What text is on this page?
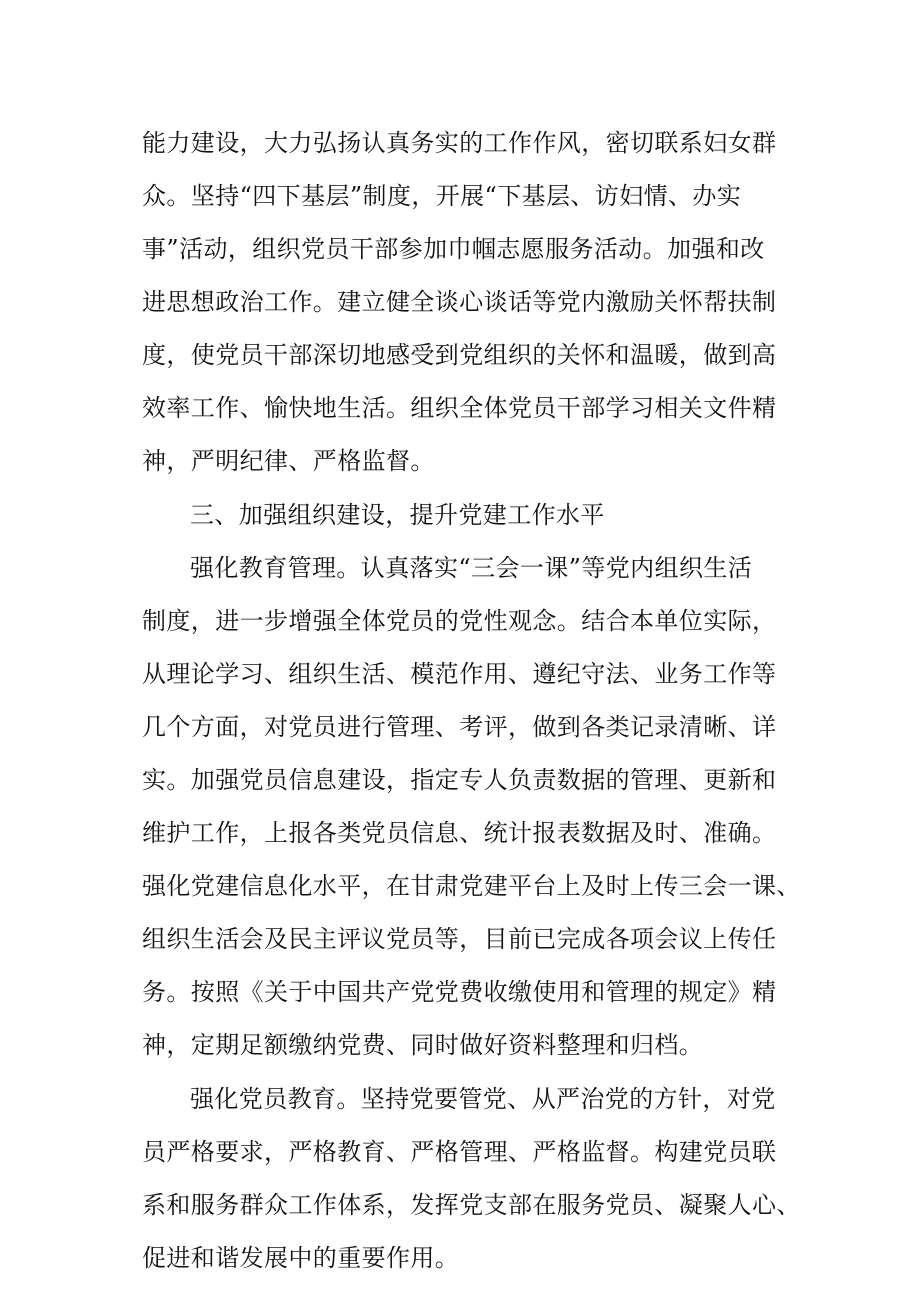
能力建设，大力弘扬认真务实的工作作风，密切联系妇女群
众。坚持“四下基层”制度，开展“下基层、访妇情、办实
事”活动，组织党员干部参加巾帼志愿服务活动。加强和改
进思想政治工作。建立健全谈心谈话等党内激励关怀帮扶制
度，使党员干部深切地感受到党组织的关怀和温暖，做到高
效率工作、愉快地生活。组织全体党员干部学习相关文件精
神，严明纪律、严格监督。
三、加强组织建设，提升党建工作水平
强化教育管理。认真落实“三会一课”等党内组织生活
制度，进一步增强全体党员的党性观念。结合本单位实际，
从理论学习、组织生活、模范作用、遵纪守法、业务工作等
几个方面，对党员进行管理、考评，做到各类记录清晰、详
实。加强党员信息建设，指定专人负责数据的管理、更新和
维护工作，上报各类党员信息、统计报表数据及时、准确。
强化党建信息化水平，在甘肃党建平台上及时上传三会一课、
组织生活会及民主评议党员等，目前已完成各项会议上传任
务。按照《关于中国共产党党费收缴使用和管理的规定》精
神，定期足额缴纳党费、同时做好资料整理和归档。
强化党员教育。坚持党要管党、从严治党的方针，对党
员严格要求，严格教育、严格管理、严格监督。构建党员联
系和服务群众工作体系，发挥党支部在服务党员、凝聚人心、
促进和谐发展中的重要作用。
